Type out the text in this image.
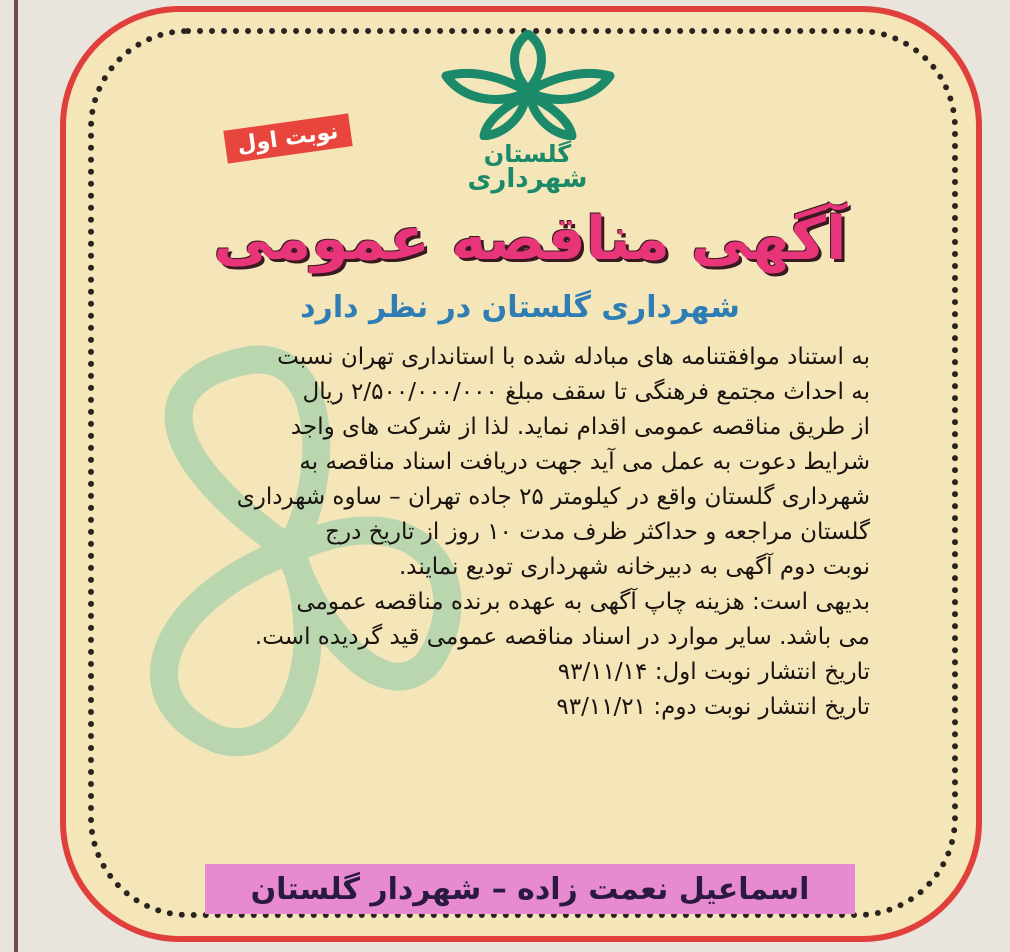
گلستان
شهرداری
نوبت اول
آگهی مناقصه عمومی
شهرداری گلستان در نظر دارد
به استناد موافقتنامه های مبادله شده با استانداری تهران نسبت
به احداث مجتمع فرهنگی تا سقف مبلغ ۲/۵۰۰/۰۰۰/۰۰۰ ریال
از طریق مناقصه عمومی اقدام نماید. لذا از شرکت های واجد
شرایط دعوت به عمل می آید جهت دریافت اسناد مناقصه به
شهرداری گلستان واقع در کیلومتر ۲۵ جاده تهران – ساوه شهرداری
گلستان مراجعه و حداکثر ظرف مدت ۱۰ روز از تاریخ درج
نوبت دوم آگهی به دبیرخانه شهرداری تودیع نمایند.
بدیهی است: هزینه چاپ آگهی به عهده برنده مناقصه عمومی
می باشد. سایر موارد در اسناد مناقصه عمومی قید گردیده است.
تاریخ انتشار نوبت اول: ۹۳/۱۱/۱۴
تاریخ انتشار نوبت دوم: ۹۳/۱۱/۲۱
اسماعیل نعمت زاده – شهردار گلستان
